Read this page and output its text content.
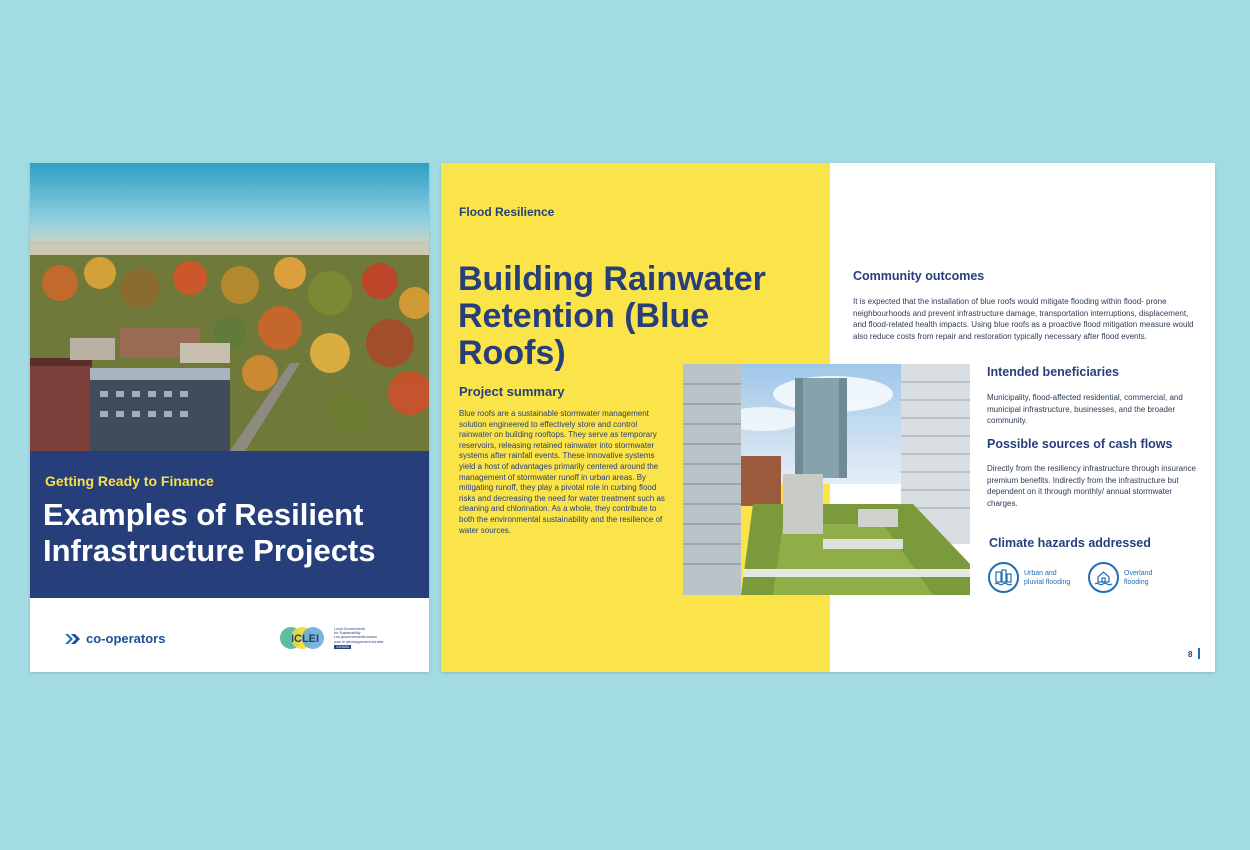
Getting Ready to Finance
Examples of Resilient Infrastructure Projects
co-operators	ICLEI
Local Governments
for Sustainability
Les gouvernements locaux
pour le développement durable
CANADA
Flood Resilience
Building Rainwater Retention (Blue Roofs)
Project summary
Blue roofs are a sustainable stormwater management solution engineered to effectively store and control rainwater on building rooftops. They serve as temporary reservoirs, releasing retained rainwater into stormwater systems after rainfall events. These innovative systems yield a host of advantages primarily centered around the management of stormwater runoff in urban areas. By mitigating runoff, they play a pivotal role in curbing flood risks and decreasing the need for water treatment such as cleaning and chlorination. As a whole, they contribute to both the environmental sustainability and the resilience of water sources.
Community outcomes
It is expected that the installation of blue roofs would mitigate flooding within flood- prone neighbourhoods and prevent infrastructure damage, transportation interruptions, displacement, and flood-related health impacts. Using blue roofs as a proactive flood mitigation measure would also reduce costs from repair and restoration typically necessary after flood events.
Intended beneficiaries
Municipality, flood-affected residential, commercial, and municipal infrastructure, businesses, and the broader community.
Possible sources of cash flows
Directly from the resiliency infrastructure through insurance premium benefits. Indirectly from the infrastructure but dependent on it through monthly/ annual stormwater charges.
Climate hazards addressed
Urban and pluvial flooding
Overland flooding
8
